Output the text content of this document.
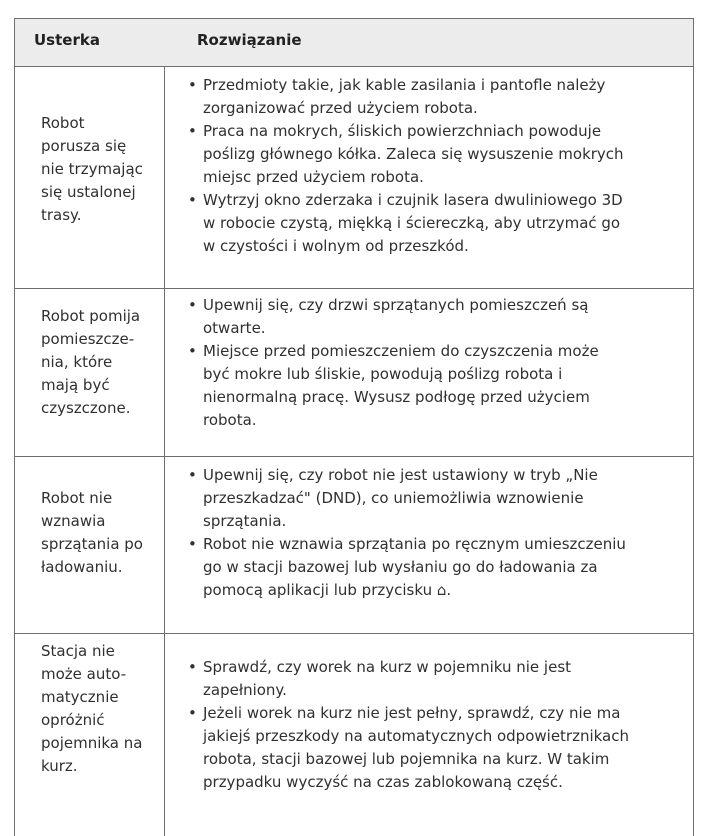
Usterka	Rozwiązanie
Robot
porusza się
nie trzymając
się ustalonej
trasy.
• Przedmioty takie, jak kable zasilania i pantofle należy
zorganizować przed użyciem robota.
• Praca na mokrych, śliskich powierzchniach powoduje
poślizg głównego kółka. Zaleca się wysuszenie mokrych
miejsc przed użyciem robota.
• Wytrzyj okno zderzaka i czujnik lasera dwuliniowego 3D
w robocie czystą, miękką i ściereczką, aby utrzymać go
w czystości i wolnym od przeszkód.
Robot pomija
pomieszcze-
nia, które
mają być
czyszczone.
• Upewnij się, czy drzwi sprzątanych pomieszczeń są
otwarte.
• Miejsce przed pomieszczeniem do czyszczenia może
być mokre lub śliskie, powodują poślizg robota i
nienormalną pracę. Wysusz podłogę przed użyciem
robota.
Robot nie
wznawia
sprzątania po
ładowaniu.
• Upewnij się, czy robot nie jest ustawiony w tryb „Nie
przeszkadzać" (DND), co uniemożliwia wznowienie
sprzątania.
• Robot nie wznawia sprzątania po ręcznym umieszczeniu
go w stacji bazowej lub wysłaniu go do ładowania za
pomocą aplikacji lub przycisku ⌂.
Stacja nie
może auto-
matycznie
opróżnić
pojemnika na
kurz.
• Sprawdź, czy worek na kurz w pojemniku nie jest
zapełniony.
• Jeżeli worek na kurz nie jest pełny, sprawdź, czy nie ma
jakiejś przeszkody na automatycznych odpowietrznikach
robota, stacji bazowej lub pojemnika na kurz. W takim
przypadku wyczyść na czas zablokowaną część.
